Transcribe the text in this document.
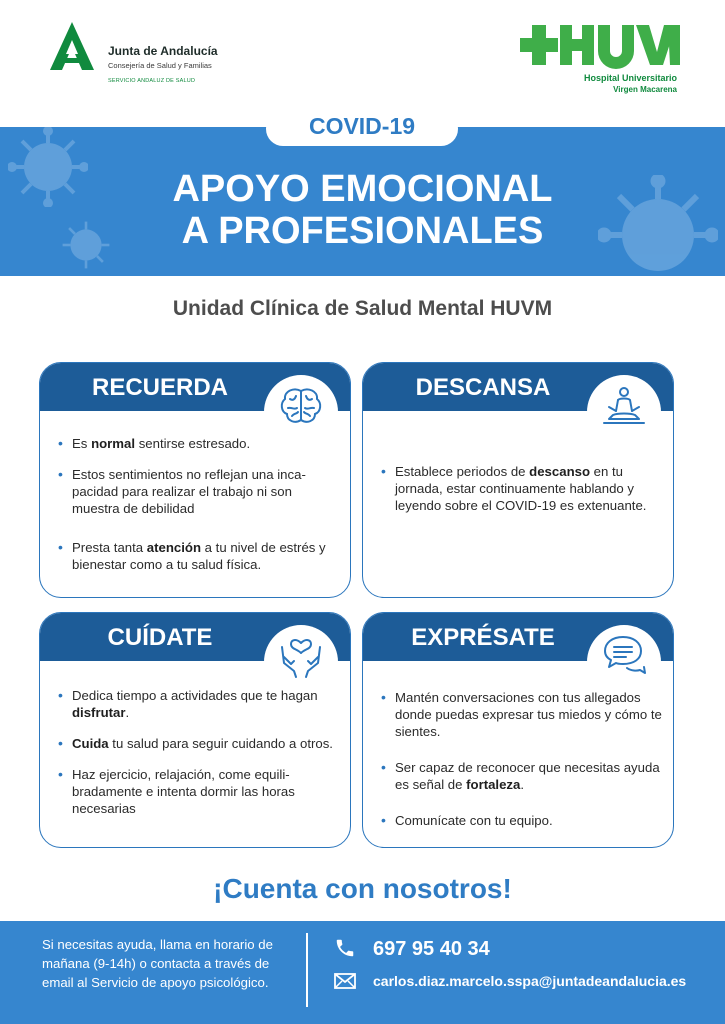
Junta de Andalucía
Consejería de Salud y Familias
SERVICIO ANDALUZ DE SALUD	Hospital Universitario
Virgen Macarena
COVID-19
APOYO EMOCIONAL
A PROFESIONALES
Unidad Clínica de Salud Mental HUVM
RECUERDA
• Es normal sentirse estresado.
• Estos sentimientos no reflejan una inca-pacidad para realizar el trabajo ni son muestra de debilidad
• Presta tanta atención a tu nivel de estrés y bienestar como a tu salud física.
DESCANSA
• Establece periodos de descanso en tu jornada, estar continuamente hablando y leyendo sobre el COVID-19 es extenuante.
CUÍDATE
• Dedica tiempo a actividades que te hagan disfrutar.
• Cuida tu salud para seguir cuidando a otros.
• Haz ejercicio, relajación, come equili-bradamente e intenta dormir las horas necesarias
EXPRÉSATE
• Mantén conversaciones con tus allegados donde puedas expresar tus miedos y cómo te sientes.
• Ser capaz de reconocer que necesitas ayuda es señal de fortaleza.
• Comunícate con tu equipo.
¡Cuenta con nosotros!
Si necesitas ayuda, llama en horario de mañana (9-14h) o contacta a través de email al Servicio de apoyo psicológico.
697 95 40 34
carlos.diaz.marcelo.sspa@juntadeandalucia.es
